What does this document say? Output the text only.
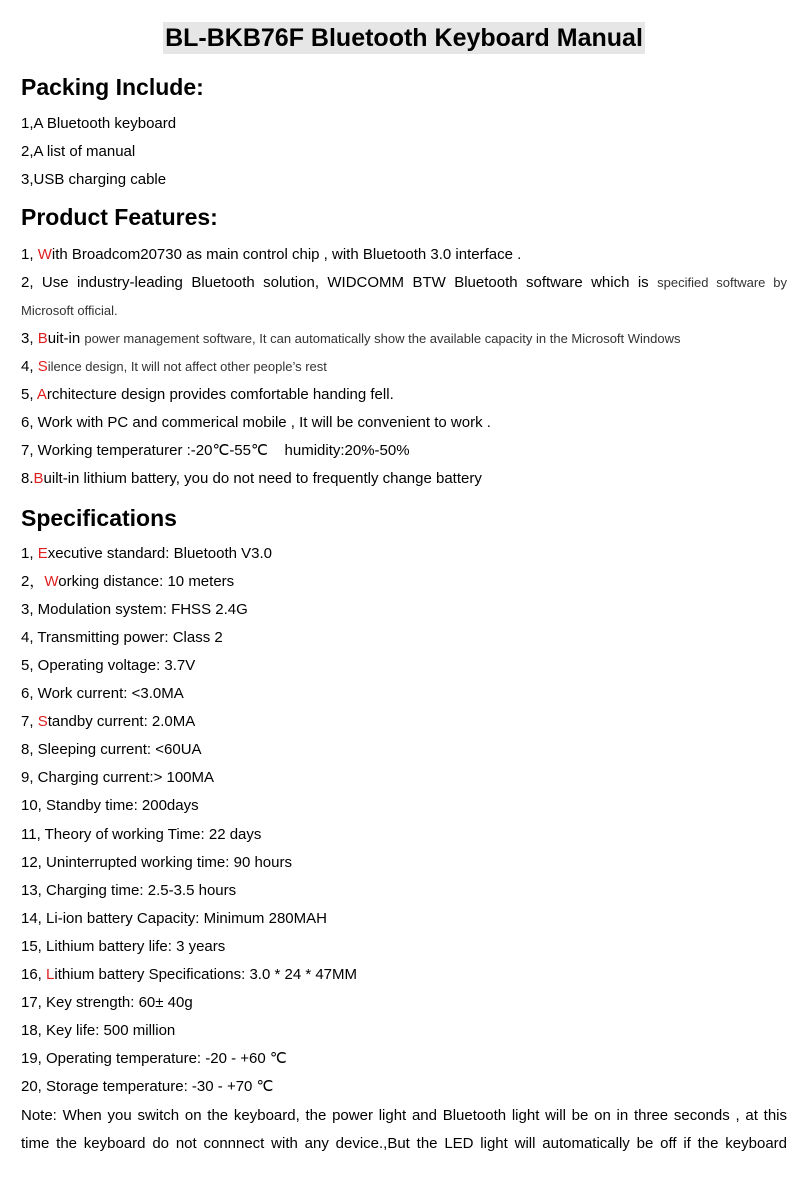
BL-BKB76F Bluetooth Keyboard Manual
Packing Include:
1,A Bluetooth keyboard
2,A list of manual
3,USB charging cable
Product Features:
1, With Broadcom20730 as main control chip , with Bluetooth 3.0 interface .
2, Use industry-leading Bluetooth solution, WIDCOMM BTW Bluetooth software which is specified software by
Microsoft official.
3, Buit-in power management software, It can automatically show the available capacity in the Microsoft Windows
4, Silence design, It will not affect other people’s rest
5, Architecture design provides comfortable handing fell.
6, Work with PC and commerical mobile , It will be convenient to work .
7, Working temperaturer :-20℃-55℃    humidity:20%-50%
8.Built-in lithium battery, you do not need to frequently change battery
Specifications
1, Executive standard: Bluetooth V3.0
2，Working distance: 10 meters
3, Modulation system: FHSS 2.4G
4, Transmitting power: Class 2
5, Operating voltage: 3.7V
6, Work current: <3.0MA
7, Standby current: 2.0MA
8, Sleeping current: <60UA
9, Charging current:> 100MA
10, Standby time: 200days
11, Theory of working Time: 22 days
12, Uninterrupted working time: 90 hours
13, Charging time: 2.5-3.5 hours
14, Li-ion battery Capacity: Minimum 280MAH
15, Lithium battery life: 3 years
16, Lithium battery Specifications: 3.0 * 24 * 47MM
17, Key strength: 60± 40g
18, Key life: 500 million
19, Operating temperature: -20 - +60 ℃
20, Storage temperature: -30 - +70 ℃
Note: When you switch on the keyboard, the power light and Bluetooth light will be on in three seconds , at this
time the keyboard do not connnect with any device.,But the LED light will automatically be off if the keyboard
